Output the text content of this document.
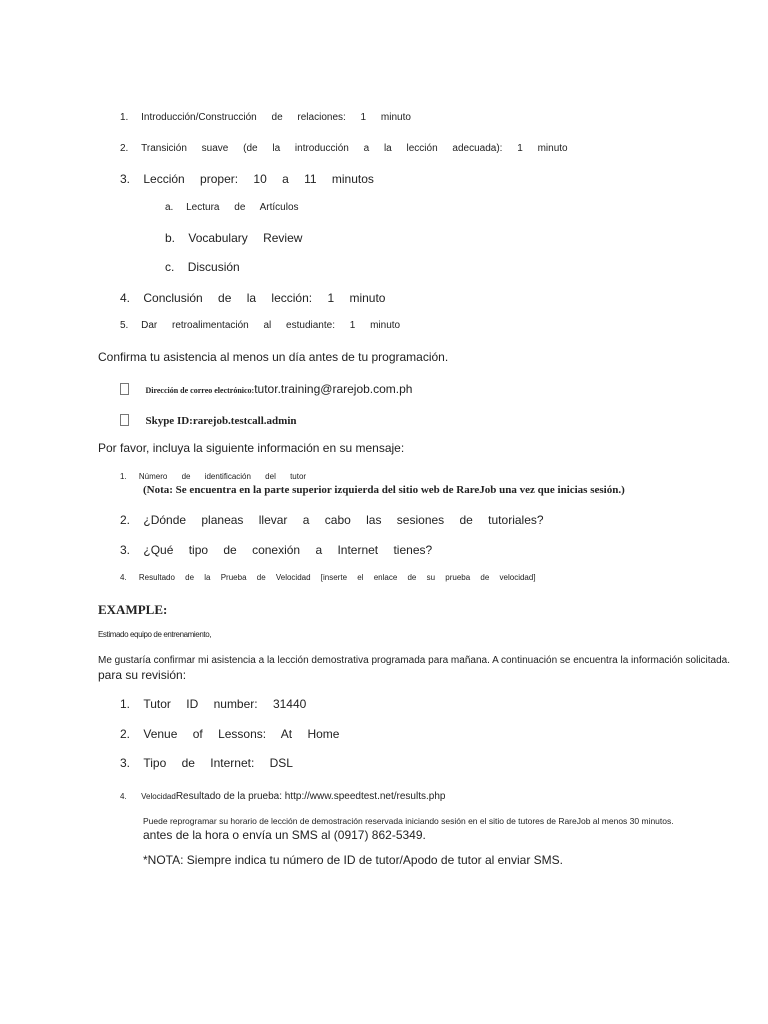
1. Introducción/Construcción de relaciones: 1 minuto
2. Transición suave (de la introducción a la lección adecuada): 1 minuto
3. Lección proper: 10 a 11 minutos
a. Lectura de Artículos
b. Vocabulary Review
c. Discusión
4. Conclusión de la lección: 1 minuto
5. Dar retroalimentación al estudiante: 1 minuto
Confirma tu asistencia al menos un día antes de tu programación.
Dirección de correo electrónico:tutor.training@rarejob.com.ph
Skype ID:rarejob.testcall.admin
Por favor, incluya la siguiente información en su mensaje:
1. Número de identificación del tutor
(Nota: Se encuentra en la parte superior izquierda del sitio web de RareJob una vez que inicias sesión.)
2. ¿Dónde planeas llevar a cabo las sesiones de tutoriales?
3. ¿Qué tipo de conexión a Internet tienes?
4. Resultado de la Prueba de Velocidad [inserte el enlace de su prueba de velocidad]
EXAMPLE:
Estimado equipo de entrenamiento,
Me gustaría confirmar mi asistencia a la lección demostrativa programada para mañana. A continuación se encuentra la información solicitada.
para su revisión:
1. Tutor ID number: 31440
2. Venue of Lessons: At Home
3. Tipo de Internet: DSL
4. VelocidadResultado de la prueba: http://www.speedtest.net/results.php
Puede reprogramar su horario de lección de demostración reservada iniciando sesión en el sitio de tutores de RareJob al menos 30 minutos.
antes de la hora o envía un SMS al (0917) 862-5349.
*NOTA: Siempre indica tu número de ID de tutor/Apodo de tutor al enviar SMS.
